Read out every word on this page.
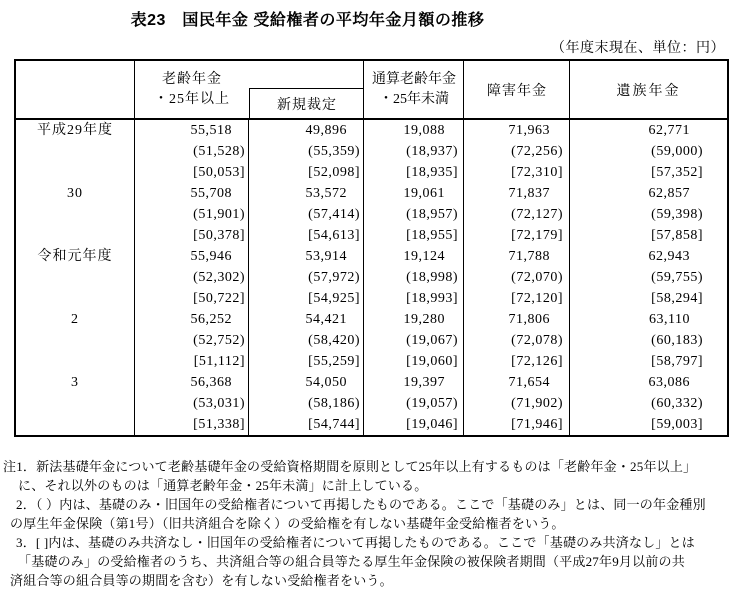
表23　国民年金 受給権者の平均年金月額の推移
（年度末現在、単位：円）
老齢年金
・25年以上	新規裁定
通算老齢年金
・25年未満
障害年金	遺族年金
平成29年度
30
令和元年度
2
3
55,518
(51,528)
[50,053]
55,708
(51,901)
[50,378]
55,946
(52,302)
[50,722]
56,252
(52,752)
[51,112]
56,368
(53,031)
[51,338]
49,896
(55,359)
[52,098]
53,572
(57,414)
[54,613]
53,914
(57,972)
[54,925]
54,421
(58,420)
[55,259]
54,050
(58,186)
[54,744]
19,088
(18,937)
[18,935]
19,061
(18,957)
[18,955]
19,124
(18,998)
[18,993]
19,280
(19,067)
[19,060]
19,397
(19,057)
[19,046]
71,963
(72,256)
[72,310]
71,837
(72,127)
[72,179]
71,788
(72,070)
[72,120]
71,806
(72,078)
[72,126]
71,654
(71,902)
[71,946]
62,771
(59,000)
[57,352]
62,857
(59,398)
[57,858]
62,943
(59,755)
[58,294]
63,110
(60,183)
[58,797]
63,086
(60,332)
[59,003]
注1．新法基礎年金について老齢基礎年金の受給資格期間を原則として25年以上有するものは「老齢年金・25年以上」
に、それ以外のものは「通算老齢年金・25年未満」に計上している。
2．（ ）内は、基礎のみ・旧国年の受給権者について再掲したものである。ここで「基礎のみ」とは、同一の年金種別
の厚生年金保険（第1号）（旧共済組合を除く）の受給権を有しない基礎年金受給権者をいう。
3．[ ]内は、基礎のみ共済なし・旧国年の受給権者について再掲したものである。ここで「基礎のみ共済なし」とは
「基礎のみ」の受給権者のうち、共済組合等の組合員等たる厚生年金保険の被保険者期間（平成27年9月以前の共
済組合等の組合員等の期間を含む）を有しない受給権者をいう。
